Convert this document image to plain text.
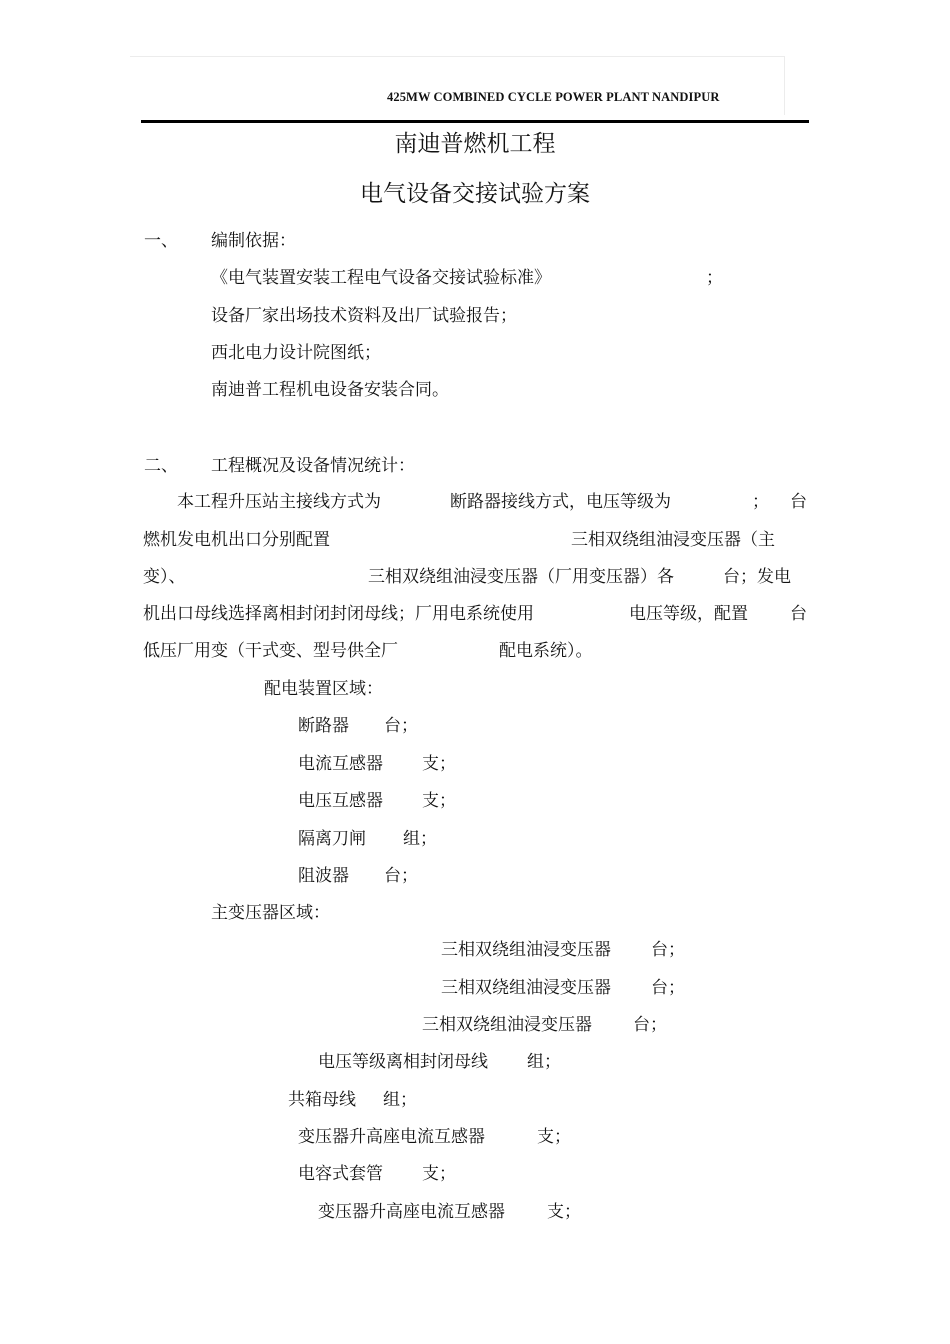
425MW COMBINED CYCLE POWER PLANT NANDIPUR
南迪普燃机工程
电气设备交接试验方案
一、 编制依据：
《电气装置安装工程电气设备交接试验标准》	；
设备厂家出场技术资料及出厂试验报告；
西北电力设计院图纸；
南迪普工程机电设备安装合同。
二、 工程概况及设备情况统计：
本工程升压站主接线方式为	断路器接线方式，电压等级为	； 台
燃机发电机出口分别配置	三相双绕组油浸变压器（主
变）、	三相双绕组油浸变压器（厂用变压器）各	台；发电
机出口母线选择离相封闭封闭母线；厂用电系统使用	电压等级，配置 台
低压厂用变（干式变、型号供全厂	配电系统）。
配电装置区域：
断路器 台；
电流互感器 支；
电压互感器 支；
隔离刀闸 组；
阻波器 台；
主变压器区域：
三相双绕组油浸变压器 台；
三相双绕组油浸变压器 台；
三相双绕组油浸变压器 台；
电压等级离相封闭母线 组；
共箱母线 组；
变压器升高座电流互感器	支；
电容式套管 支；
变压器升高座电流互感器 支；
